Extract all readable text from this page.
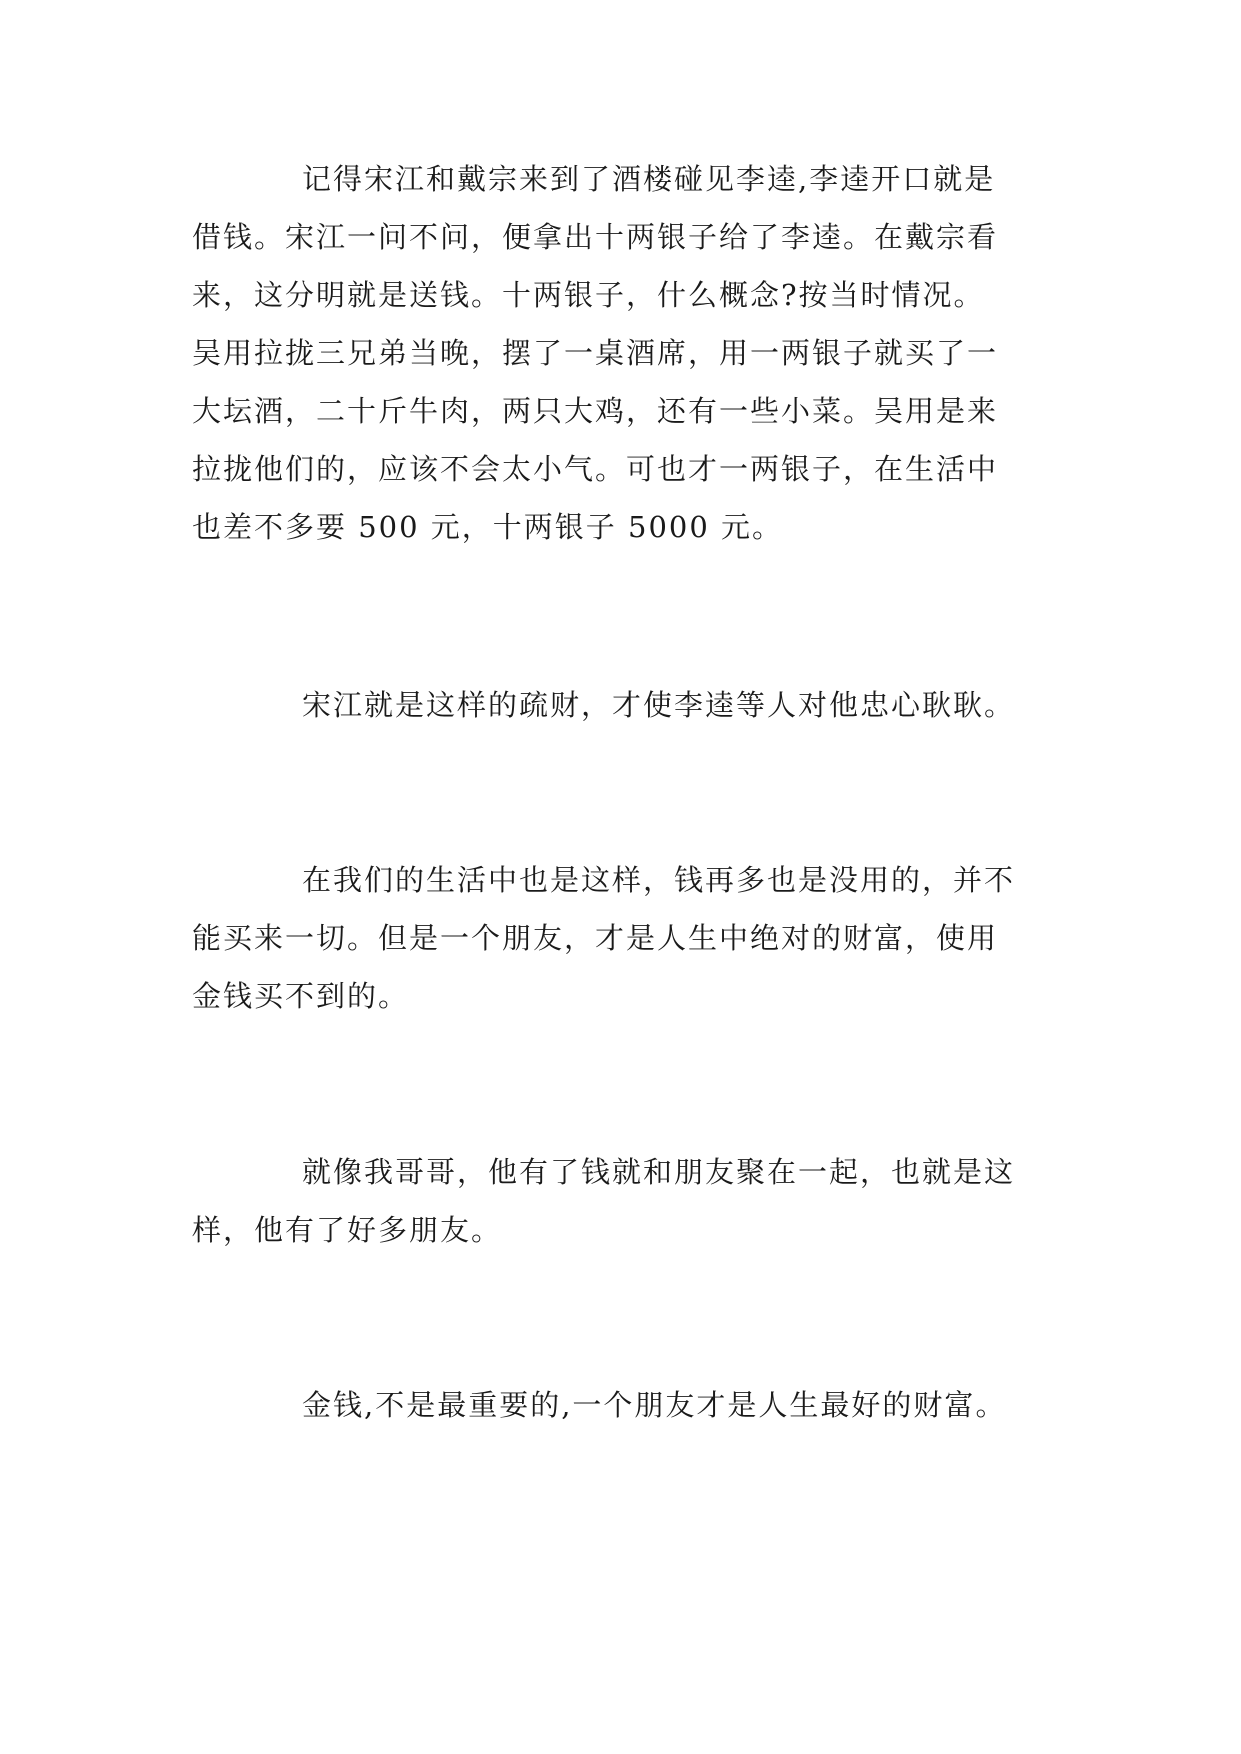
记得宋江和戴宗来到了酒楼碰见李逵,李逵开口就是
借钱。宋江一问不问，便拿出十两银子给了李逵。在戴宗看
来，这分明就是送钱。十两银子，什么概念?按当时情况。
吴用拉拢三兄弟当晚，摆了一桌酒席，用一两银子就买了一
大坛酒，二十斤牛肉，两只大鸡，还有一些小菜。吴用是来
拉拢他们的，应该不会太小气。可也才一两银子，在生活中
也差不多要 500 元，十两银子 5000 元。
宋江就是这样的疏财，才使李逵等人对他忠心耿耿。
在我们的生活中也是这样，钱再多也是没用的，并不
能买来一切。但是一个朋友，才是人生中绝对的财富，使用
金钱买不到的。
就像我哥哥，他有了钱就和朋友聚在一起，也就是这
样，他有了好多朋友。
金钱,不是最重要的,一个朋友才是人生最好的财富。
